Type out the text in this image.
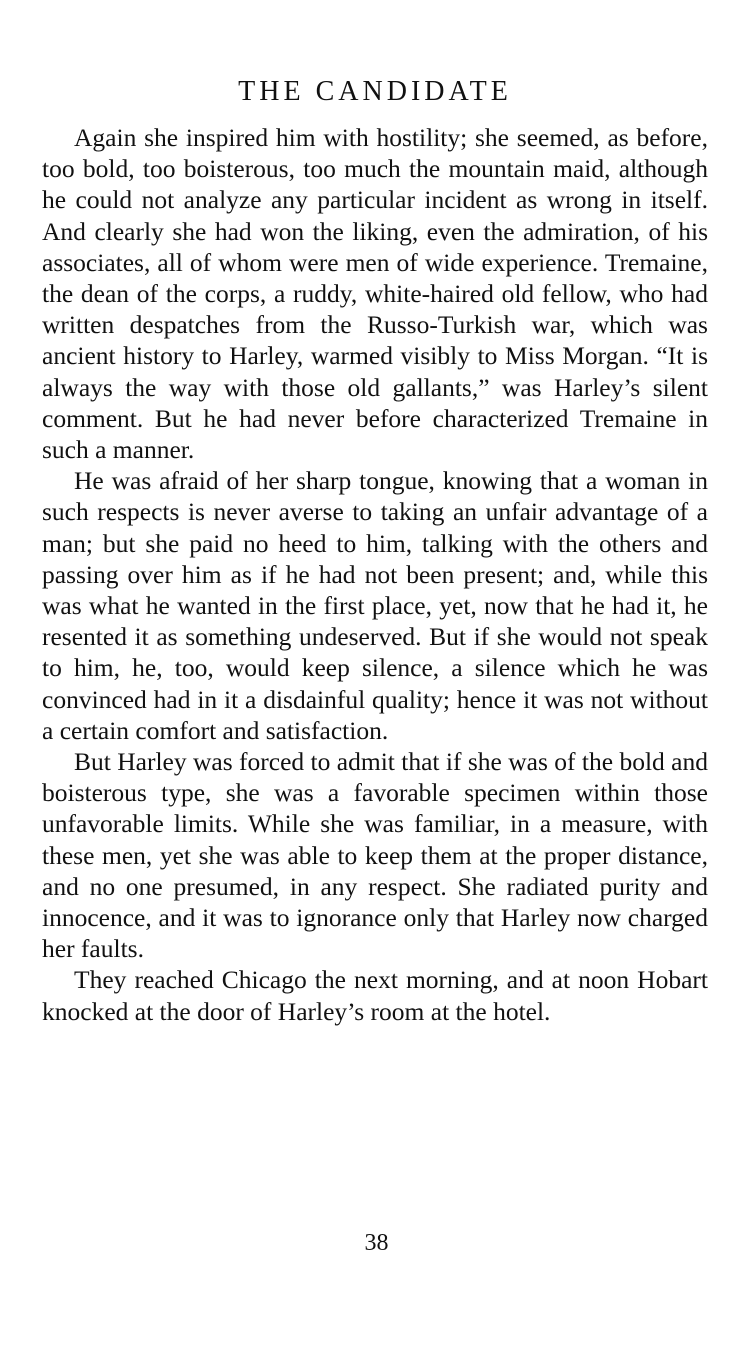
THE CANDIDATE

Again she inspired him with hostility; she seemed, as before, too bold, too boisterous, too much the mountain maid, although he could not analyze any particular incident as wrong in itself. And clearly she had won the liking, even the admiration, of his associates, all of whom were men of wide experience. Tremaine, the dean of the corps, a ruddy, white-haired old fellow, who had written despatches from the Russo-Turkish war, which was ancient history to Harley, warmed visibly to Miss Morgan. “It is always the way with those old gallants,” was Harley’s silent comment. But he had never before characterized Tremaine in such a manner.

He was afraid of her sharp tongue, knowing that a woman in such respects is never averse to taking an unfair advantage of a man; but she paid no heed to him, talking with the others and passing over him as if he had not been present; and, while this was what he wanted in the first place, yet, now that he had it, he resented it as something undeserved. But if she would not speak to him, he, too, would keep silence, a silence which he was convinced had in it a disdainful quality; hence it was not without a certain comfort and satisfaction.

But Harley was forced to admit that if she was of the bold and boisterous type, she was a favorable specimen within those unfavorable limits. While she was familiar, in a measure, with these men, yet she was able to keep them at the proper distance, and no one presumed, in any respect. She radiated purity and innocence, and it was to ignorance only that Harley now charged her faults.

They reached Chicago the next morning, and at noon Hobart knocked at the door of Harley’s room at the hotel.

38
